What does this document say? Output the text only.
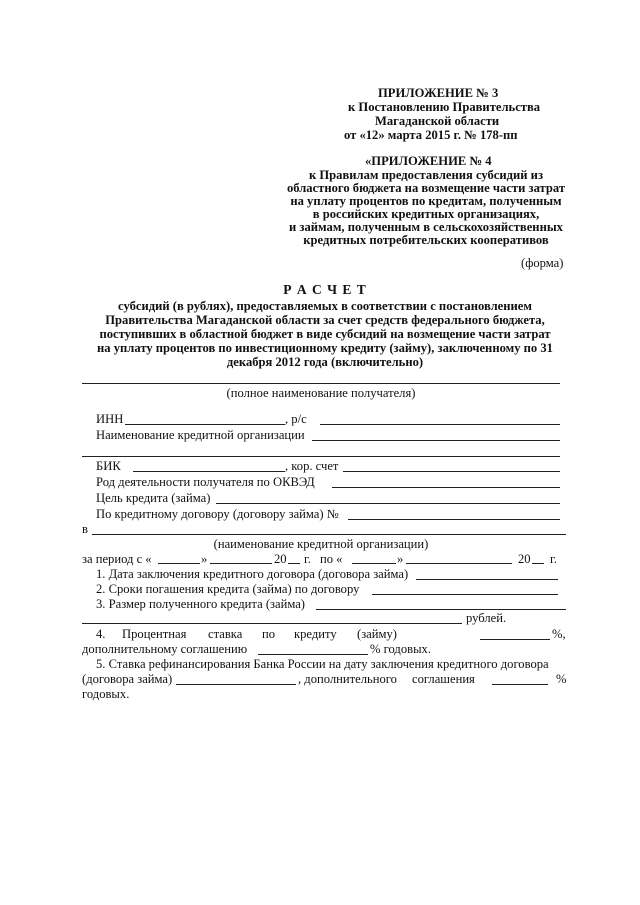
ПРИЛОЖЕНИЕ № 3
к Постановлению Правительства
Магаданской области
от «12» марта 2015 г. № 178-пп
«ПРИЛОЖЕНИЕ № 4
к Правилам предоставления субсидий из
областного бюджета на возмещение части затрат
на уплату процентов по кредитам, полученным
в российских кредитных организациях,
и займам, полученным в сельскохозяйственных
кредитных потребительских кооперативов
(форма)
Р А С Ч Е Т
субсидий (в рублях), предоставляемых в соответствии с постановлением
Правительства Магаданской области за счет средств федерального бюджета,
поступивших в областной бюджет в виде субсидий на возмещение части затрат
на уплату процентов по инвестиционному кредиту (займу), заключенному по 31
декабря 2012 года (включительно)
(полное наименование получателя)
ИНН	, р/с
Наименование кредитной организации
БИК	, кор. счет
Род деятельности получателя по ОКВЭД
Цель кредита (займа)
По кредитному договору (договору займа) №
в
(наименование кредитной организации)
за период с «	»	20 г. по «	»	20 г.
1. Дата заключения кредитного договора (договора займа)
2. Сроки погашения кредита (займа) по договору
3. Размер полученного кредита (займа)
рублей.
4. Процентная ставка по кредиту (займу)	%,
дополнительному соглашению	% годовых.
5. Ставка рефинансирования Банка России на дату заключения кредитного договора
(договора займа)	, дополнительного соглашения	%
годовых.
